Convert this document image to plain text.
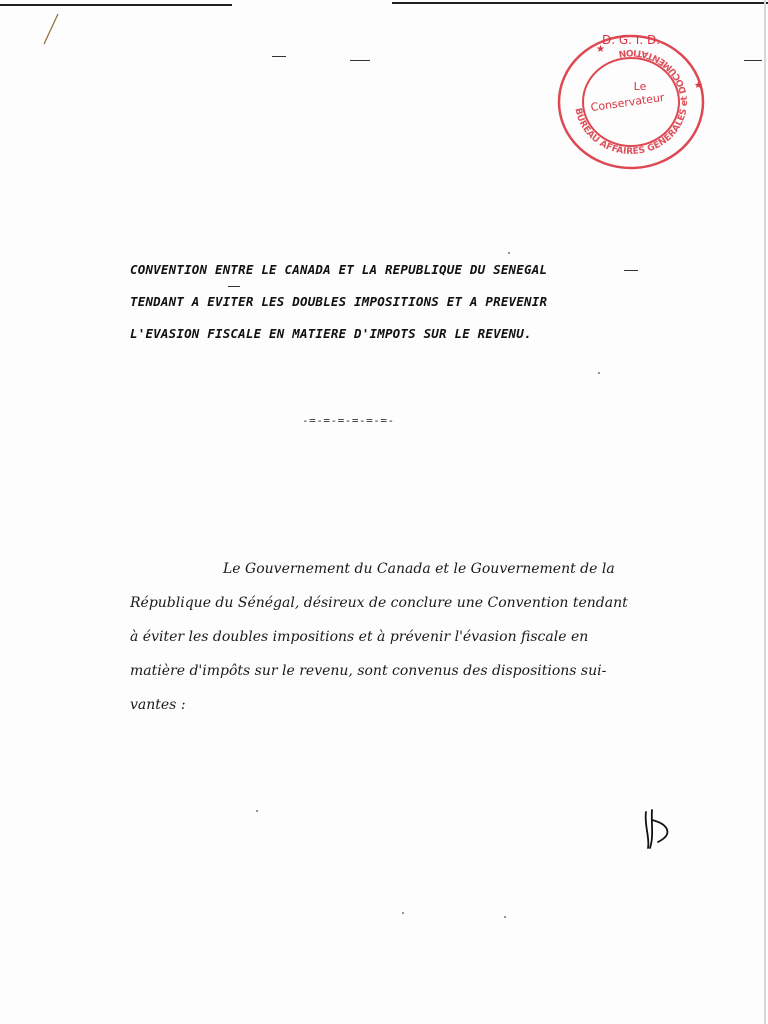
BUREAU AFFAIRES GÉNÉRALES et DOCUMENTATION
D. G. I. D.
Le
Conservateur
★
★
CONVENTION ENTRE LE CANADA ET LA REPUBLIQUE DU SENEGAL
TENDANT A EVITER LES DOUBLES IMPOSITIONS ET A PREVENIR
L'EVASION FISCALE EN MATIERE D'IMPOTS SUR LE REVENU.
-=-=-=-=-=-=-
Le Gouvernement du Canada et le Gouvernement de la
République du Sénégal, désireux de conclure une Convention tendant
à éviter les doubles impositions et à prévenir l'évasion fiscale en
matière d'impôts sur le revenu, sont convenus des dispositions sui-
vantes :
